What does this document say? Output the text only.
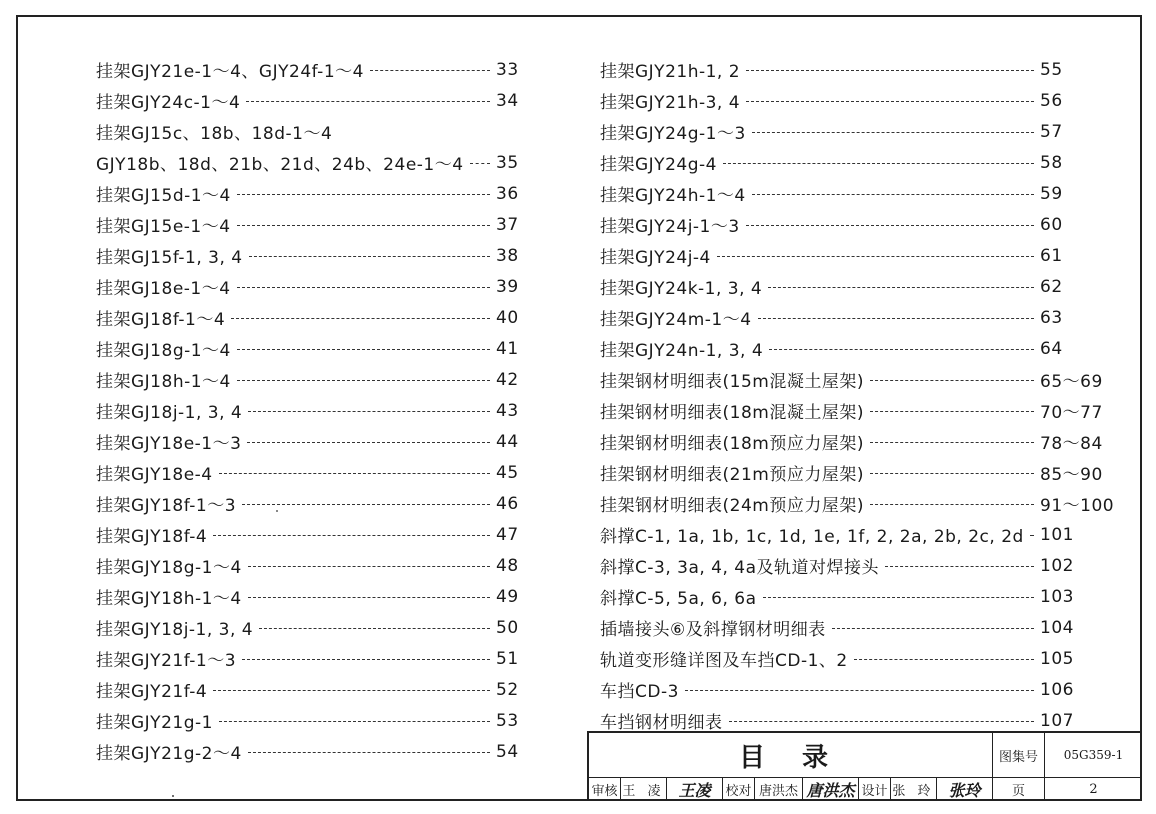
挂架GJY21e-1～4、GJY24f-1～4	33
挂架GJY24c-1～4	34
挂架GJ15c、18b、18d-1～4
GJY18b、18d、21b、21d、24b、24e-1～4 35
挂架GJ15d-1～4	36
挂架GJ15e-1～4	37
挂架GJ15f-1, 3, 4	38
挂架GJ18e-1～4	39
挂架GJ18f-1～4	40
挂架GJ18g-1～4	41
挂架GJ18h-1～4	42
挂架GJ18j-1, 3, 4	43
挂架GJY18e-1～3	44
挂架GJY18e-4	45
挂架GJY18f-1～3	46
挂架GJY18f-4	47
挂架GJY18g-1～4	48
挂架GJY18h-1～4	49
挂架GJY18j-1, 3, 4	50
挂架GJY21f-1～3	51
挂架GJY21f-4	52
挂架GJY21g-1	53
挂架GJY21g-2～4	54
挂架GJY21h-1, 2	55
挂架GJY21h-3, 4	56
挂架GJY24g-1～3	57
挂架GJY24g-4	58
挂架GJY24h-1～4	59
挂架GJY24j-1～3	60
挂架GJY24j-4	61
挂架GJY24k-1, 3, 4	62
挂架GJY24m-1～4	63
挂架GJY24n-1, 3, 4	64
挂架钢材明细表(15m混凝土屋架)	65～69
挂架钢材明细表(18m混凝土屋架)	70～77
挂架钢材明细表(18m预应力屋架)	78～84
挂架钢材明细表(21m预应力屋架)	85～90
挂架钢材明细表(24m预应力屋架)	91～100
斜撑C-1, 1a, 1b, 1c, 1d, 1e, 1f, 2, 2a, 2b, 2c, 2d 101
斜撑C-3, 3a, 4, 4a及轨道对焊接头	102
斜撑C-5, 5a, 6, 6a	103
插墙接头⑥及斜撑钢材明细表	104
轨道变形缝详图及车挡CD-1、2	105
车挡CD-3	106
车挡钢材明细表	107
目 录	图集号	05G359-1
审核 王 凌 王凌	校对 唐洪杰 唐洪杰 设计 张 玲 张玲	页	2
